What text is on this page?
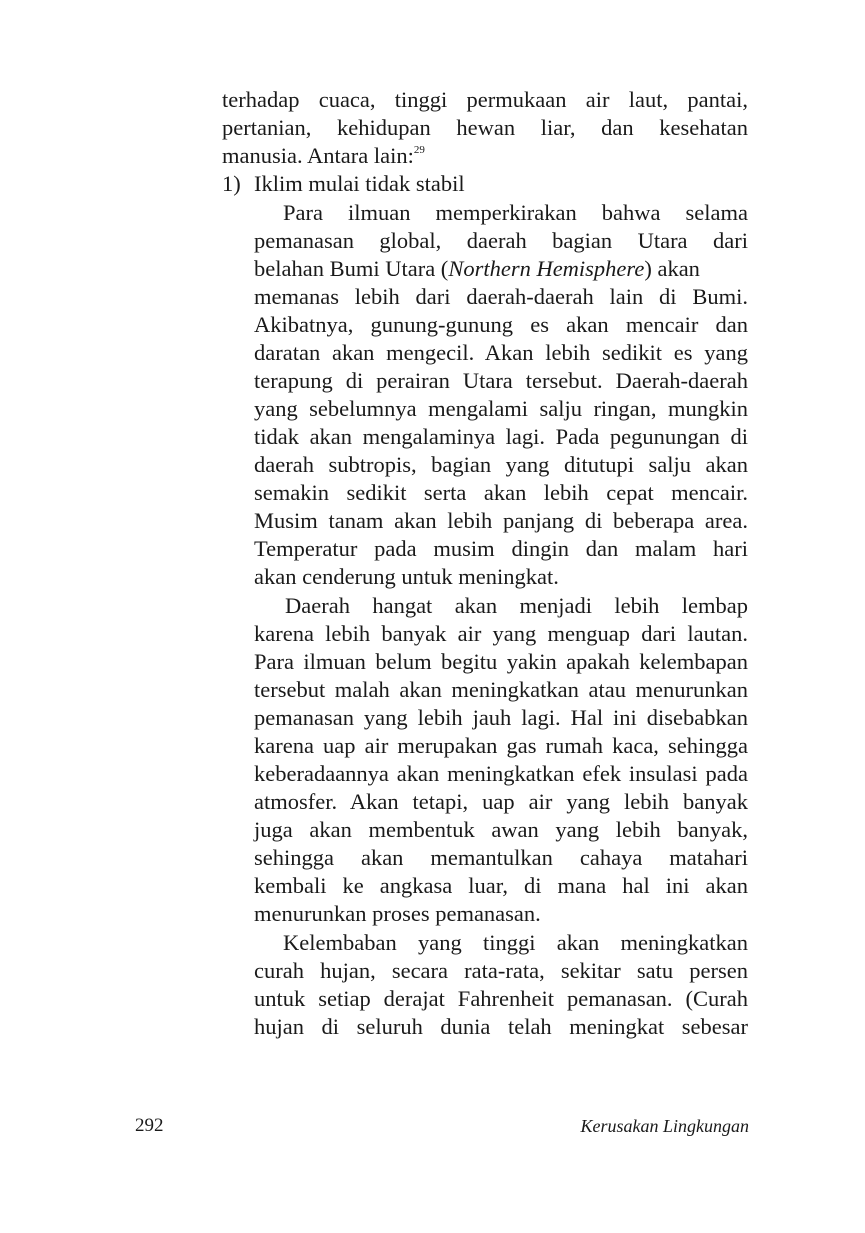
terhadap cuaca, tinggi permukaan air laut, pantai,
pertanian, kehidupan hewan liar, dan kesehatan
manusia. Antara lain:$^{29}$
1) Iklim mulai tidak stabil
Para ilmuan memperkirakan bahwa selama
pemanasan global, daerah bagian Utara dari
belahan Bumi Utara (Northern Hemisphere) akan
memanas lebih dari daerah-daerah lain di Bumi.
Akibatnya, gunung-gunung es akan mencair dan
daratan akan mengecil. Akan lebih sedikit es yang
terapung di perairan Utara tersebut. Daerah-daerah
yang sebelumnya mengalami salju ringan, mungkin
tidak akan mengalaminya lagi. Pada pegunungan di
daerah subtropis, bagian yang ditutupi salju akan
semakin sedikit serta akan lebih cepat mencair.
Musim tanam akan lebih panjang di beberapa area.
Temperatur pada musim dingin dan malam hari
akan cenderung untuk meningkat.
Daerah hangat akan menjadi lebih lembap
karena lebih banyak air yang menguap dari lautan.
Para ilmuan belum begitu yakin apakah kelembapan
tersebut malah akan meningkatkan atau menurunkan
pemanasan yang lebih jauh lagi. Hal ini disebabkan
karena uap air merupakan gas rumah kaca, sehingga
keberadaannya akan meningkatkan efek insulasi pada
atmosfer. Akan tetapi, uap air yang lebih banyak
juga akan membentuk awan yang lebih banyak,
sehingga akan memantulkan cahaya matahari
kembali ke angkasa luar, di mana hal ini akan
menurunkan proses pemanasan.
Kelembaban yang tinggi akan meningkatkan
curah hujan, secara rata-rata, sekitar satu persen
untuk setiap derajat Fahrenheit pemanasan. (Curah
hujan di seluruh dunia telah meningkat sebesar
292	Kerusakan Lingkungan
